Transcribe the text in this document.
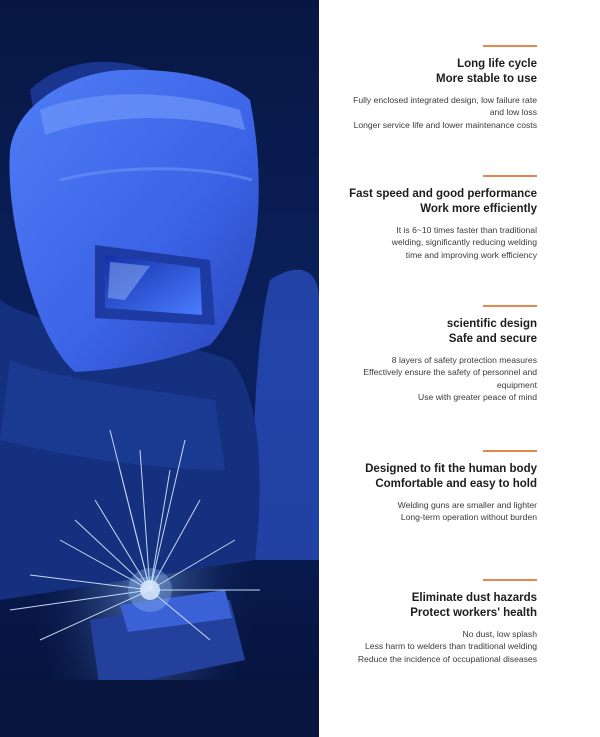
Long life cycle
More stable to use
Fully enclosed integrated design, low failure rate
and low loss
Longer service life and lower maintenance costs
Fast speed and good performance
Work more efficiently
It is 6~10 times faster than traditional
welding, significantly reducing welding
time and improving work efficiency
scientific design
Safe and secure
8 layers of safety protection measures
Effectively ensure the safety of personnel and
equipment
Use with greater peace of mind
Designed to fit the human body
Comfortable and easy to hold
Welding guns are smaller and lighter
Long-term operation without burden
Eliminate dust hazards
Protect workers' health
No dust, low splash
Less harm to welders than traditional welding
Reduce the incidence of occupational diseases
